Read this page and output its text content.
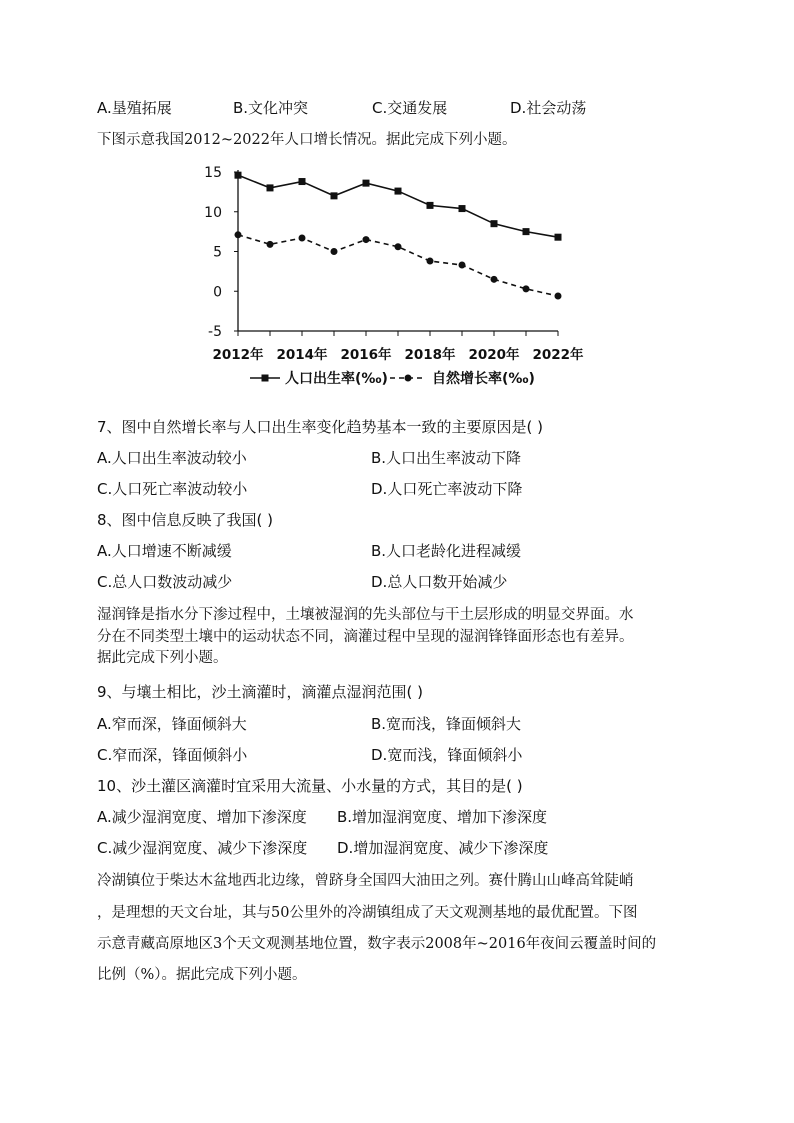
A.垦殖拓展	B.文化冲突	C.交通发展	D.社会动荡
下图示意我国2012~2022年人口增长情况。据此完成下列小题。
15
10
5
0
-5
2012年 2014年 2016年 2018年 2020年 2022年
人口出生率(‰)	自然增长率(‰)
7、图中自然增长率与人口出生率变化趋势基本一致的主要原因是( )
A.人口出生率波动较小	B.人口出生率波动下降
C.人口死亡率波动较小	D.人口死亡率波动下降
8、图中信息反映了我国( )
A.人口增速不断减缓	B.人口老龄化进程减缓
C.总人口数波动减少	D.总人口数开始减少
湿润锋是指水分下渗过程中，土壤被湿润的先头部位与干土层形成的明显交界面。水
分在不同类型土壤中的运动状态不同，滴灌过程中呈现的湿润锋锋面形态也有差异。
据此完成下列小题。
9、与壤土相比，沙土滴灌时，滴灌点湿润范围( )
A.窄而深，锋面倾斜大	B.宽而浅，锋面倾斜大
C.窄而深，锋面倾斜小	D.宽而浅，锋面倾斜小
10、沙土灌区滴灌时宜采用大流量、小水量的方式，其目的是( )
A.减少湿润宽度、增加下渗深度 B.增加湿润宽度、增加下渗深度
C.减少湿润宽度、减少下渗深度 D.增加湿润宽度、减少下渗深度
冷湖镇位于柴达木盆地西北边缘，曾跻身全国四大油田之列。赛什腾山山峰高耸陡峭
，是理想的天文台址，其与50公里外的冷湖镇组成了天文观测基地的最优配置。下图
示意青藏高原地区3个天文观测基地位置，数字表示2008年~2016年夜间云覆盖时间的
比例（%）。据此完成下列小题。
